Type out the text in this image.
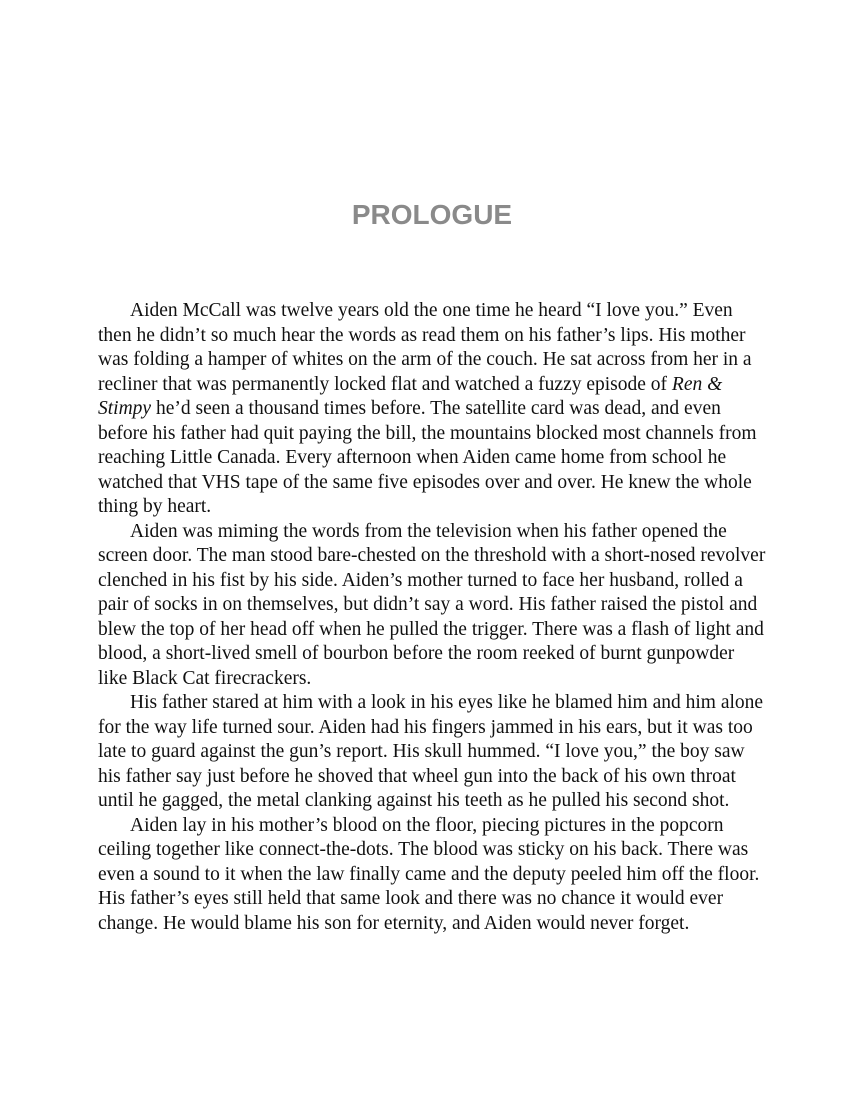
PROLOGUE

Aiden McCall was twelve years old the one time he heard “I love you.” Even then he didn’t so much hear the words as read them on his father’s lips. His mother was folding a hamper of whites on the arm of the couch. He sat across from her in a recliner that was permanently locked flat and watched a fuzzy episode of Ren & Stimpy he’d seen a thousand times before. The satellite card was dead, and even before his father had quit paying the bill, the mountains blocked most channels from reaching Little Canada. Every afternoon when Aiden came home from school he watched that VHS tape of the same five episodes over and over. He knew the whole thing by heart.

Aiden was miming the words from the television when his father opened the screen door. The man stood bare-chested on the threshold with a short-nosed revolver clenched in his fist by his side. Aiden’s mother turned to face her husband, rolled a pair of socks in on themselves, but didn’t say a word. His father raised the pistol and blew the top of her head off when he pulled the trigger. There was a flash of light and blood, a short-lived smell of bourbon before the room reeked of burnt gunpowder like Black Cat firecrackers.

His father stared at him with a look in his eyes like he blamed him and him alone for the way life turned sour. Aiden had his fingers jammed in his ears, but it was too late to guard against the gun’s report. His skull hummed. “I love you,” the boy saw his father say just before he shoved that wheel gun into the back of his own throat until he gagged, the metal clanking against his teeth as he pulled his second shot.

Aiden lay in his mother’s blood on the floor, piecing pictures in the popcorn ceiling together like connect-the-dots. The blood was sticky on his back. There was even a sound to it when the law finally came and the deputy peeled him off the floor. His father’s eyes still held that same look and there was no chance it would ever change. He would blame his son for eternity, and Aiden would never forget.
